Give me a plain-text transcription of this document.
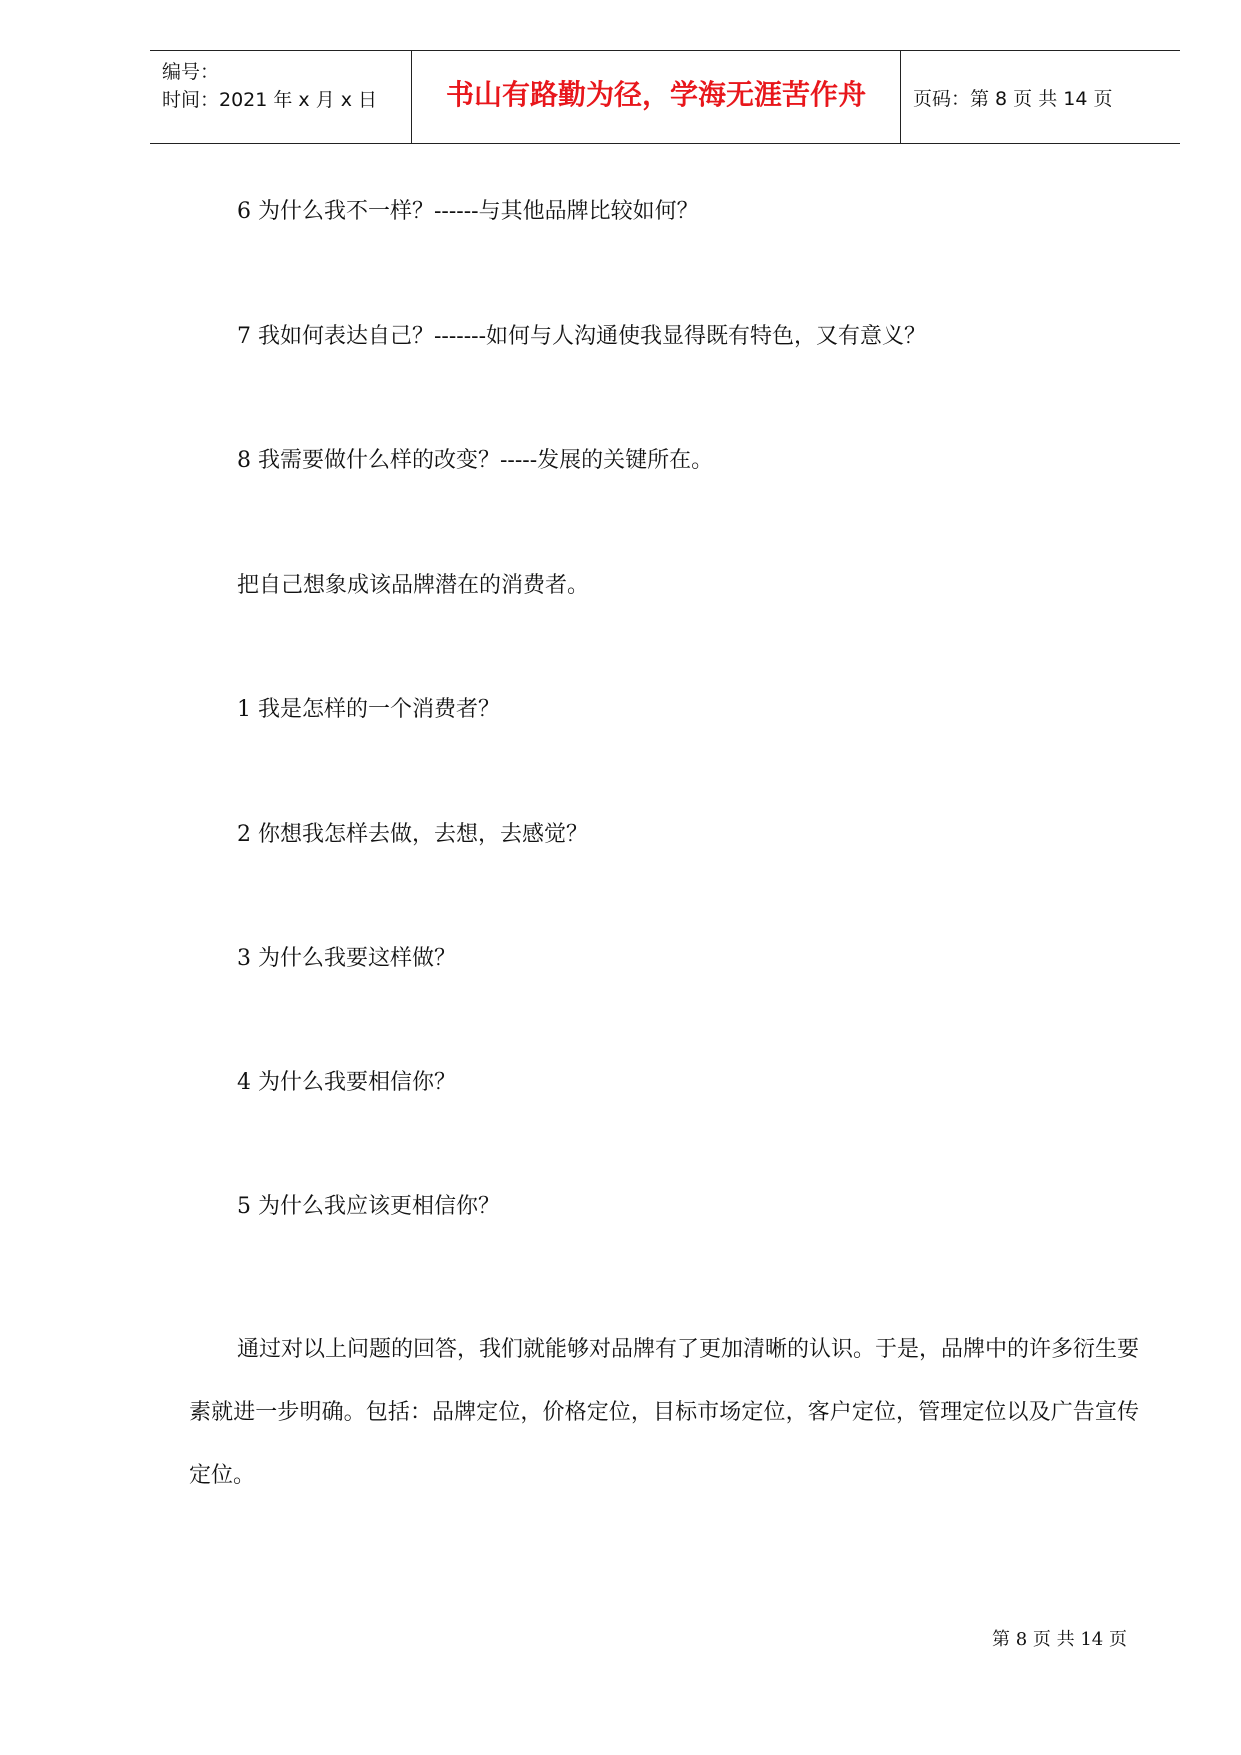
编号：
时间：2021 年 x 月 x 日	书山有路勤为径，学海无涯苦作舟	页码：第 8 页 共 14 页
6 为什么我不一样？------与其他品牌比较如何？
7 我如何表达自己？-------如何与人沟通使我显得既有特色，又有意义？
8 我需要做什么样的改变？-----发展的关键所在。
把自己想象成该品牌潜在的消费者。
1 我是怎样的一个消费者？
2 你想我怎样去做，去想，去感觉？
3 为什么我要这样做？
4 为什么我要相信你？
5 为什么我应该更相信你？
通过对以上问题的回答，我们就能够对品牌有了更加清晰的认识。于是，品牌中的许多衍生要素就进一步明确。包括：品牌定位，价格定位，目标市场定位，客户定位，管理定位以及广告宣传定位。
第 8 页 共 14 页
